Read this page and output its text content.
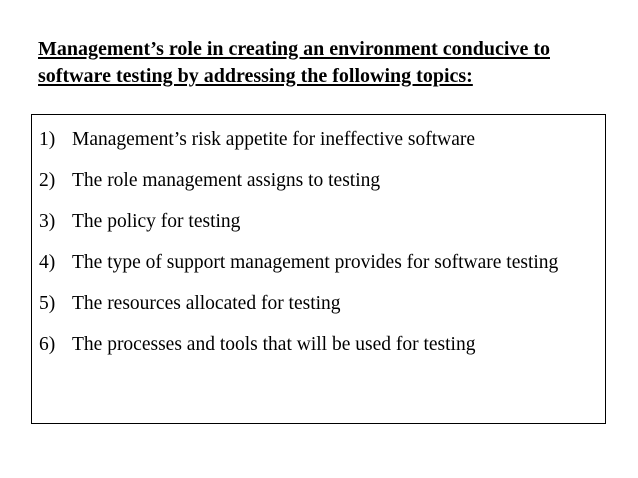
Management’s role in creating an environment conducive to software testing by addressing the following topics:
1) Management’s risk appetite for ineffective software
2) The role management assigns to testing
3) The policy for testing
4) The type of support management provides for software testing
5) The resources allocated for testing
6) The processes and tools that will be used for testing
